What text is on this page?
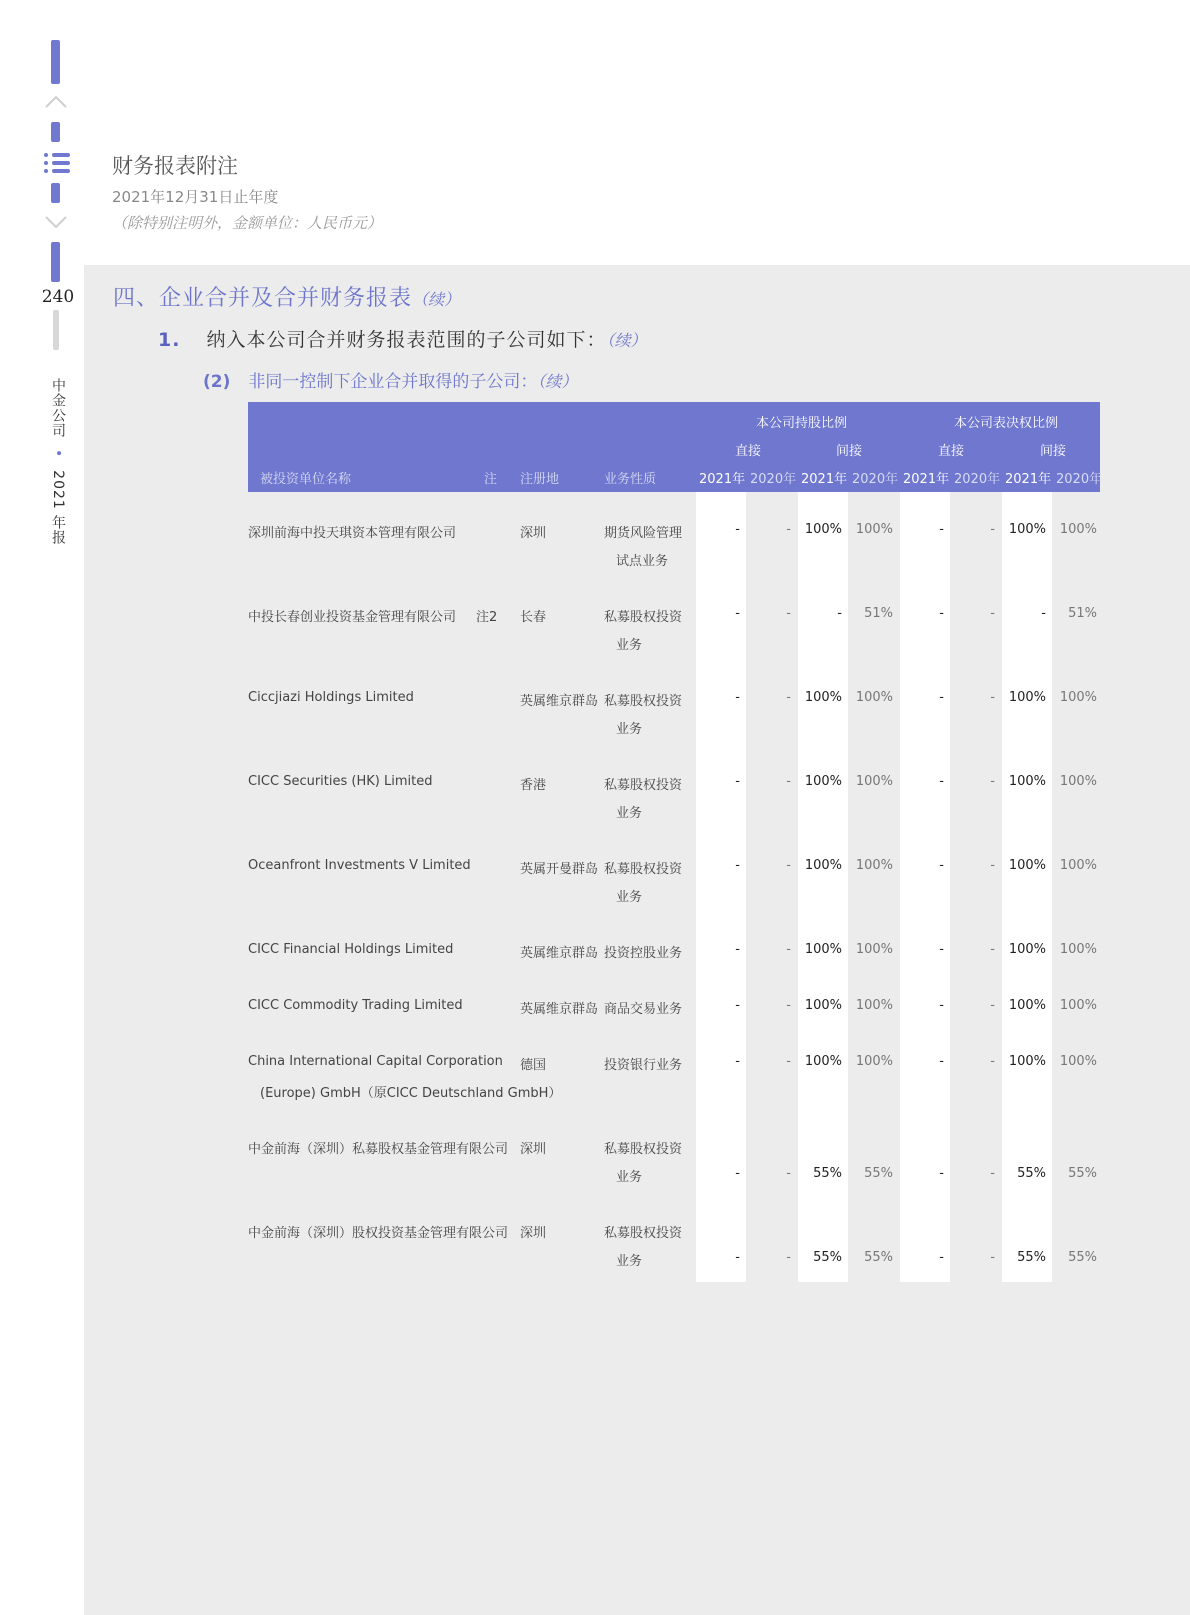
240
中金公司 • 2021 年报
财务报表附注
2021年12月31日止年度
（除特别注明外，金额单位：人民币元）
四、企业合并及合并财务报表（续）
1. 纳入本公司合并财务报表范围的子公司如下：（续）
(2) 非同一控制下企业合并取得的子公司：（续）
本公司持股比例	本公司表决权比例
直接	间接	直接	间接
被投资单位名称	注 注册地	业务性质	2021年 2020年 2021年 2020年 2021年 2020年 2021年 2020年
深圳前海中投天琪资本管理有限公司	深圳	期货风险管理
试点业务
-	-	100%	100%	-	-	100%	100%
中投长春创业投资基金管理有限公司 注2 长春	私募股权投资
业务
-	-	-	51%	-	-	-	51%
Ciccjiazi Holdings Limited	英属维京群岛 私募股权投资
业务
-	-	100%	100%	-	-	100%	100%
CICC Securities (HK) Limited	香港	私募股权投资
业务
-	-	100%	100%	-	-	100%	100%
Oceanfront Investments V Limited	英属开曼群岛 私募股权投资
业务
-	-	100%	100%	-	-	100%	100%
CICC Financial Holdings Limited	英属维京群岛 投资控股业务	-	-	100%	100%	-	-	100%	100%
CICC Commodity Trading Limited	英属维京群岛 商品交易业务	-	-	100%	100%	-	-	100%	100%
China International Capital Corporation
(Europe) GmbH（原CICC Deutschland GmbH）
德国	投资银行业务	-	-	100%	100%	-	-	100%	100%
中金前海（深圳）私募股权基金管理有限公司 深圳	私募股权投资
业务	-	-	55%	55%	-	-	55%	55%
中金前海（深圳）股权投资基金管理有限公司 深圳	私募股权投资
业务	-	-	55%	55%	-	-	55%	55%
